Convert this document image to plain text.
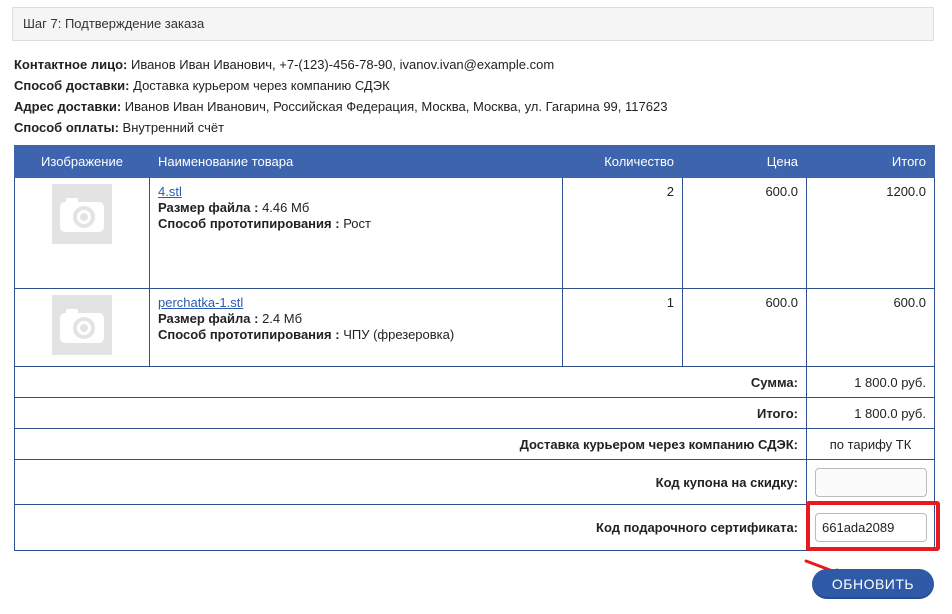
Шаг 7: Подтверждение заказа
Контактное лицо: Иванов Иван Иванович, +7-(123)-456-78-90, ivanov.ivan@example.com
Способ доставки: Доставка курьером через компанию СДЭК
Адрес доставки: Иванов Иван Иванович, Российская Федерация, Москва, Москва, ул. Гагарина 99, 117623
Способ оплаты: Внутренний счёт
Изображение	Наименование товара	Количество	Цена	Итого

4.stl
Размер файла : 4.46 Мб
Способ прототипирования : Рост	2	600.0	1200.0

perchatka-1.stl
Размер файла : 2.4 Мб
Способ прототипирования : ЧПУ (фрезеровка)	1	600.0	600.0
Сумма:				1 800.0 руб.
Итого:				1 800.0 руб.
Доставка курьером через компанию СДЭК:				по тарифу ТК
Код купона на скидку:	
Код подарочного сертификата:	661ada2089
ОБНОВИТЬ
